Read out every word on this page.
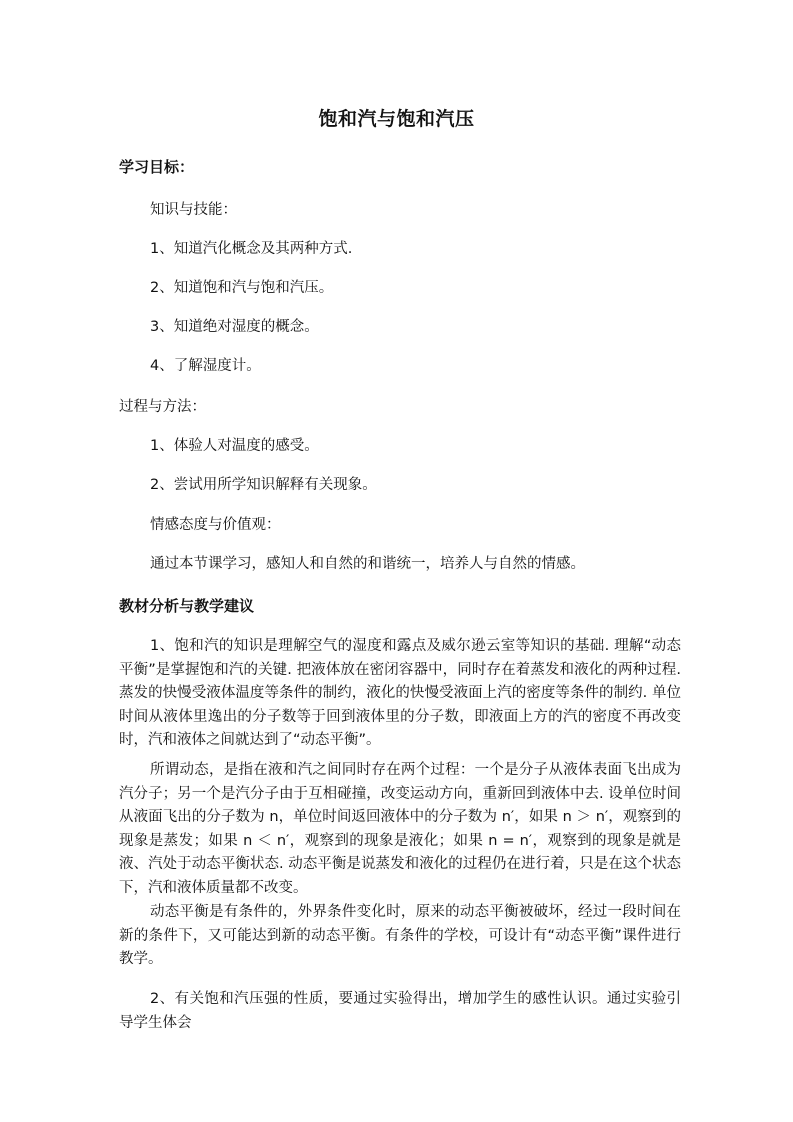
饱和汽与饱和汽压
学习目标：
知识与技能：
1、知道汽化概念及其两种方式.
2、知道饱和汽与饱和汽压。
3、知道绝对湿度的概念。
4、了解湿度计。
过程与方法：
1、体验人对温度的感受。
2、尝试用所学知识解释有关现象。
情感态度与价值观：
通过本节课学习，感知人和自然的和谐统一，培养人与自然的情感。
教材分析与教学建议
1、饱和汽的知识是理解空气的湿度和露点及威尔逊云室等知识的基础. 理解“动态平衡”是掌握饱和汽的关键. 把液体放在密闭容器中，同时存在着蒸发和液化的两种过程. 蒸发的快慢受液体温度等条件的制约，液化的快慢受液面上汽的密度等条件的制约. 单位时间从液体里逸出的分子数等于回到液体里的分子数，即液面上方的汽的密度不再改变时，汽和液体之间就达到了“动态平衡”。
所谓动态，是指在液和汽之间同时存在两个过程：一个是分子从液体表面飞出成为汽分子；另一个是汽分子由于互相碰撞，改变运动方向，重新回到液体中去. 设单位时间从液面飞出的分子数为 n，单位时间返回液体中的分子数为 n′，如果 n ＞ n′，观察到的现象是蒸发；如果 n ＜ n′，观察到的现象是液化；如果 n = n′，观察到的现象是就是液、汽处于动态平衡状态. 动态平衡是说蒸发和液化的过程仍在进行着，只是在这个状态下，汽和液体质量都不改变。
动态平衡是有条件的，外界条件变化时，原来的动态平衡被破坏，经过一段时间在新的条件下，又可能达到新的动态平衡。有条件的学校，可设计有“动态平衡”课件进行教学。
2、有关饱和汽压强的性质，要通过实验得出，增加学生的感性认识。通过实验引导学生体会
